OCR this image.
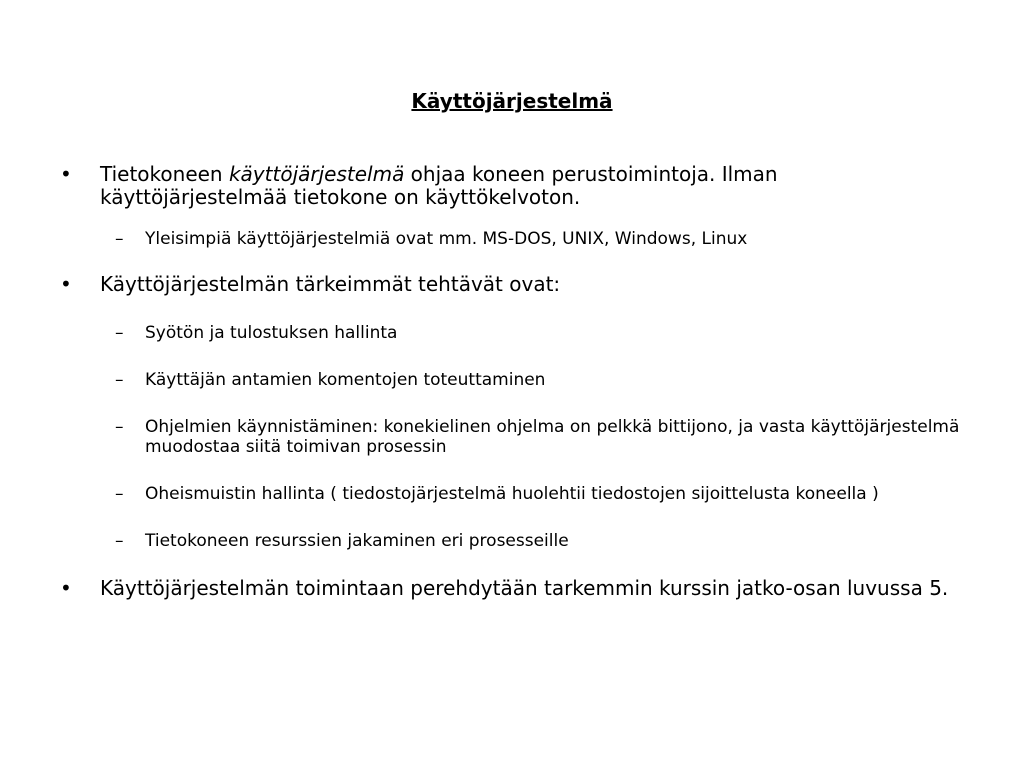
Käyttöjärjestelmä
•	Tietokoneen käyttöjärjestelmä ohjaa koneen perustoimintoja. Ilman käyttöjärjestelmää tietokone on käyttökelvoton.
– Yleisimpiä käyttöjärjestelmiä ovat mm. MS-DOS, UNIX, Windows, Linux
•	Käyttöjärjestelmän tärkeimmät tehtävät ovat:
– Syötön ja tulostuksen hallinta
– Käyttäjän antamien komentojen toteuttaminen
– Ohjelmien käynnistäminen: konekielinen ohjelma on pelkkä bittijono, ja vasta käyttöjärjestelmä muodostaa siitä toimivan prosessin
– Oheismuistin hallinta ( tiedostojärjestelmä huolehtii tiedostojen sijoittelusta koneella )
– Tietokoneen resurssien jakaminen eri prosesseille
•	Käyttöjärjestelmän toimintaan perehdytään tarkemmin kurssin jatko-osan luvussa 5.
